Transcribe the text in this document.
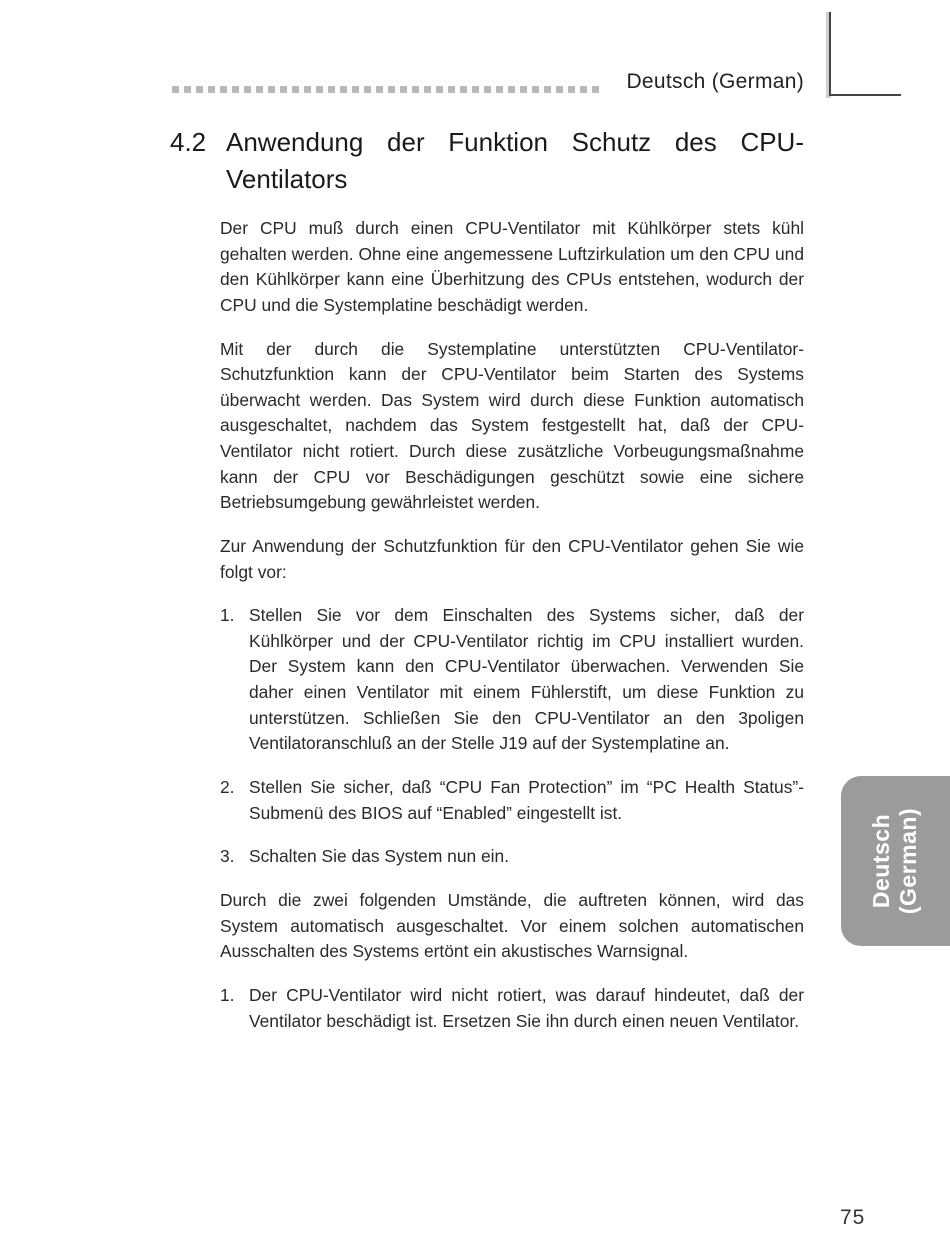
Deutsch (German)
4.2 Anwendung der Funktion Schutz des CPU-
Ventilators

Der CPU muß durch einen CPU-Ventilator mit Kühlkörper stets kühl gehalten werden. Ohne eine angemessene Luftzirkulation um den CPU und den Kühlkörper kann eine Überhitzung des CPUs entstehen, wodurch der CPU und die Systemplatine beschädigt werden.

Mit der durch die Systemplatine unterstützten CPU-Ventilator-Schutzfunktion kann der CPU-Ventilator beim Starten des Systems überwacht werden. Das System wird durch diese Funktion automatisch ausgeschaltet, nachdem das System festgestellt hat, daß der CPU-Ventilator nicht rotiert. Durch diese zusätzliche Vorbeugungsmaßnahme kann der CPU vor Beschädigungen geschützt sowie eine sichere Betriebsumgebung gewährleistet werden.

Zur Anwendung der Schutzfunktion für den CPU-Ventilator gehen Sie wie folgt vor:

1. Stellen Sie vor dem Einschalten des Systems sicher, daß der Kühlkörper und der CPU-Ventilator richtig im CPU installiert wurden. Der System kann den CPU-Ventilator überwachen. Verwenden Sie daher einen Ventilator mit einem Fühlerstift, um diese Funktion zu unterstützen. Schließen Sie den CPU-Ventilator an den 3poligen Ventilatoranschluß an der Stelle J19 auf der Systemplatine an.
2. Stellen Sie sicher, daß “CPU Fan Protection” im “PC Health Status”-Submenü des BIOS auf “Enabled” eingestellt ist.
3. Schalten Sie das System nun ein.

Durch die zwei folgenden Umstände, die auftreten können, wird das System automatisch ausgeschaltet. Vor einem solchen automatischen Ausschalten des Systems ertönt ein akustisches Warnsignal.

1. Der CPU-Ventilator wird nicht rotiert, was darauf hindeutet, daß der Ventilator beschädigt ist. Ersetzen Sie ihn durch einen neuen Ventilator.
Deutsch (German)
75
